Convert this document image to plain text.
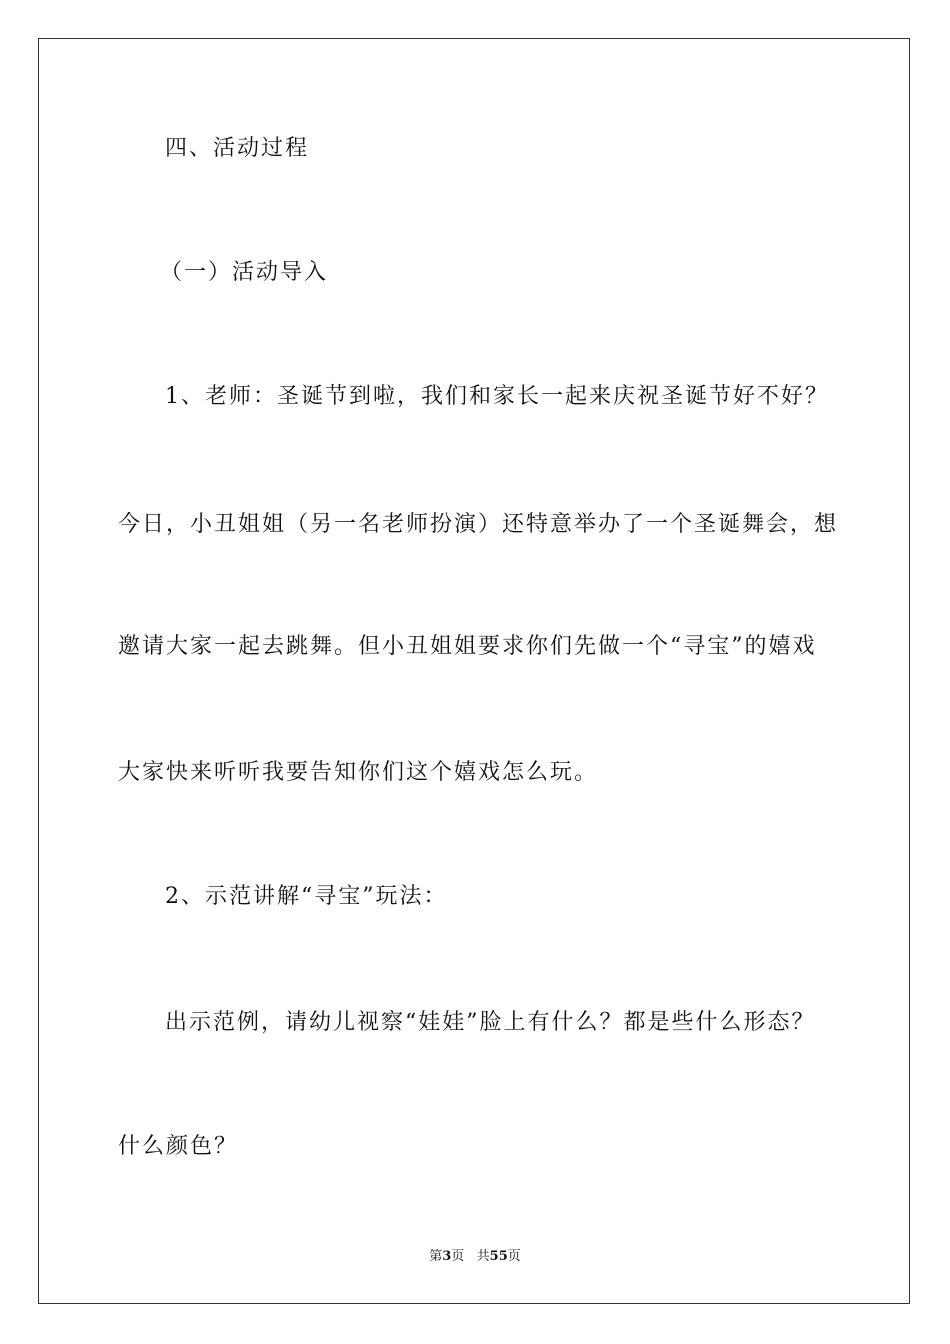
四、活动过程
（一）活动导入
1、老师：圣诞节到啦，我们和家长一起来庆祝圣诞节好不好？
今日，小丑姐姐（另一名老师扮演）还特意举办了一个圣诞舞会，想
邀请大家一起去跳舞。但小丑姐姐要求你们先做一个“寻宝”的嬉戏
大家快来听听我要告知你们这个嬉戏怎么玩。
2、示范讲解“寻宝”玩法：
出示范例，请幼儿视察“娃娃”脸上有什么？都是些什么形态？
什么颜色？
第3页   共55页
